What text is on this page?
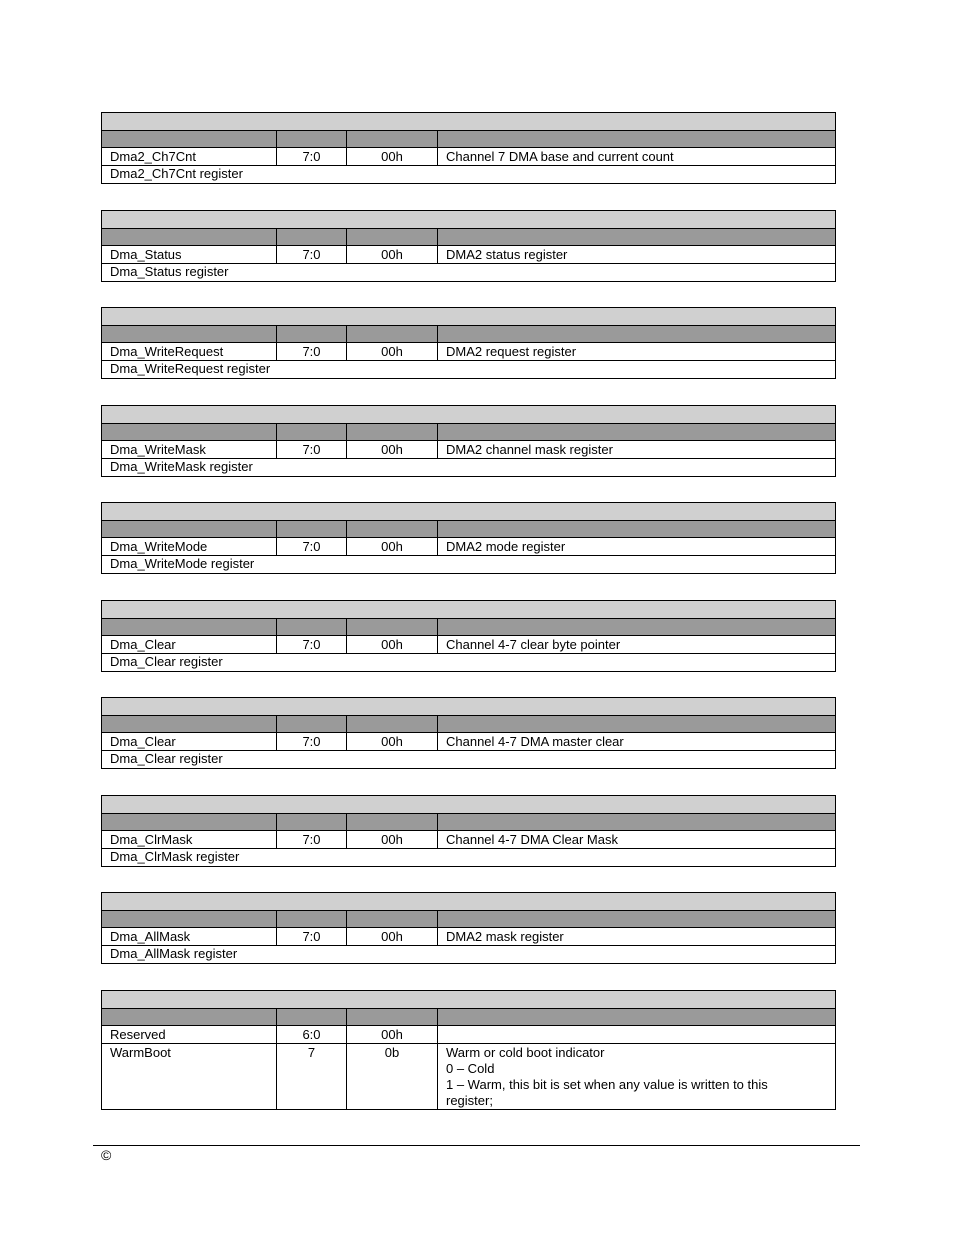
Dma2_Ch7Cnt	7:0	00h	Channel 7 DMA base and current count
Dma2_Ch7Cnt register
Dma_Status	7:0	00h	DMA2 status register
Dma_Status register
Dma_WriteRequest	7:0	00h	DMA2 request register
Dma_WriteRequest register
Dma_WriteMask	7:0	00h	DMA2 channel mask register
Dma_WriteMask register
Dma_WriteMode	7:0	00h	DMA2 mode register
Dma_WriteMode register
Dma_Clear	7:0	00h	Channel 4-7 clear byte pointer
Dma_Clear register
Dma_Clear	7:0	00h	Channel 4-7 DMA master clear
Dma_Clear register
Dma_ClrMask	7:0	00h	Channel 4-7 DMA Clear Mask
Dma_ClrMask register
Dma_AllMask	7:0	00h	DMA2 mask register
Dma_AllMask register
Reserved	6:0	00h
WarmBoot	7	0b	Warm or cold boot indicator
0 – Cold
1 – Warm, this bit is set when any value is written to this register;
©
